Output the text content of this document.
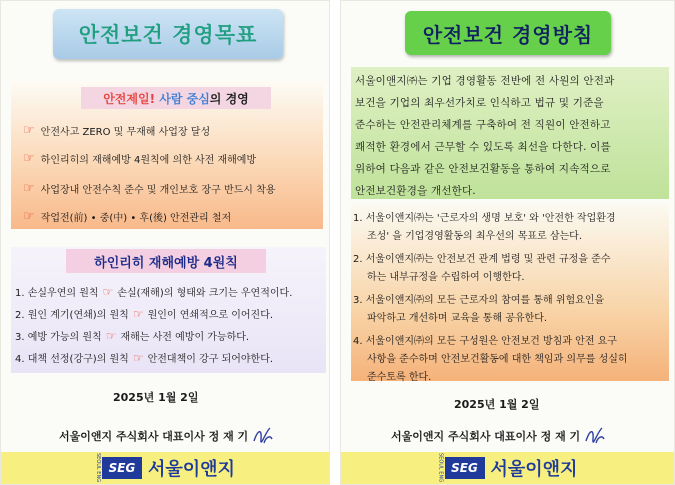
안전보건 경영목표
안전제일!
사람 중심 의 경영
☞ 안전사고 ZERO 및 무재해 사업장 달성
☞ 하인리히의 재해예방 4원칙에 의한 사전 재해예방
☞ 사업장내 안전수칙 준수 및 개인보호 장구 반드시 착용
☞ 작업전(前) • 중(中) • 후(後) 안전관리 철저
하인리히 재해예방 4원칙
1. 손실우연의 원칙 ☞ 손실(재해)의 형태와 크기는 우연적이다.
2. 원인 계기(연쇄)의 원칙 ☞ 원인이 연쇄적으로 이어진다.
3. 예방 가능의 원칙 ☞ 재해는 사전 예방이 가능하다.
4. 대책 선정(강구)의 원칙 ☞ 안전대책이 강구 되어야한다.
2025년 1월 2일
서울이앤지 주식회사 대표이사 정 재 기
SEOUL ENG SEG 서울이앤지
안전보건 경영방침
서울이앤지㈜는 기업 경영활동 전반에 전 사원의 안전과
보건을 기업의 최우선가치로 인식하고 법규 및 기준을
준수하는 안전관리체계를 구축하여 전 직원이 안전하고
쾌적한 환경에서 근무할 수 있도록 최선을 다한다. 이를
위하여 다음과 같은 안전보건활동을 통하여 지속적으로
안전보건환경을 개선한다.
1. 서울이앤지㈜는 '근로자의 생명 보호' 와 '안전한 작업환경
조성' 을 기업경영활동의 최우선의 목표로 삼는다.
2. 서울이앤지㈜는 안전보건 관계 법령 및 관련 규정을 준수
하는 내부규정을 수립하여 이행한다.
3. 서울이앤지㈜의 모든 근로자의 참여를 통해 위험요인을
파악하고 개선하며 교육을 통해 공유한다.
4. 서울이앤지㈜의 모든 구성원은 안전보건 방침과 안전 요구
사항을 준수하며 안전보건활동에 대한 책임과 의무를 성실히
준수토록 한다.
2025년 1월 2일
서울이앤지 주식회사 대표이사 정 재 기
SEOUL ENG SEG 서울이앤지
